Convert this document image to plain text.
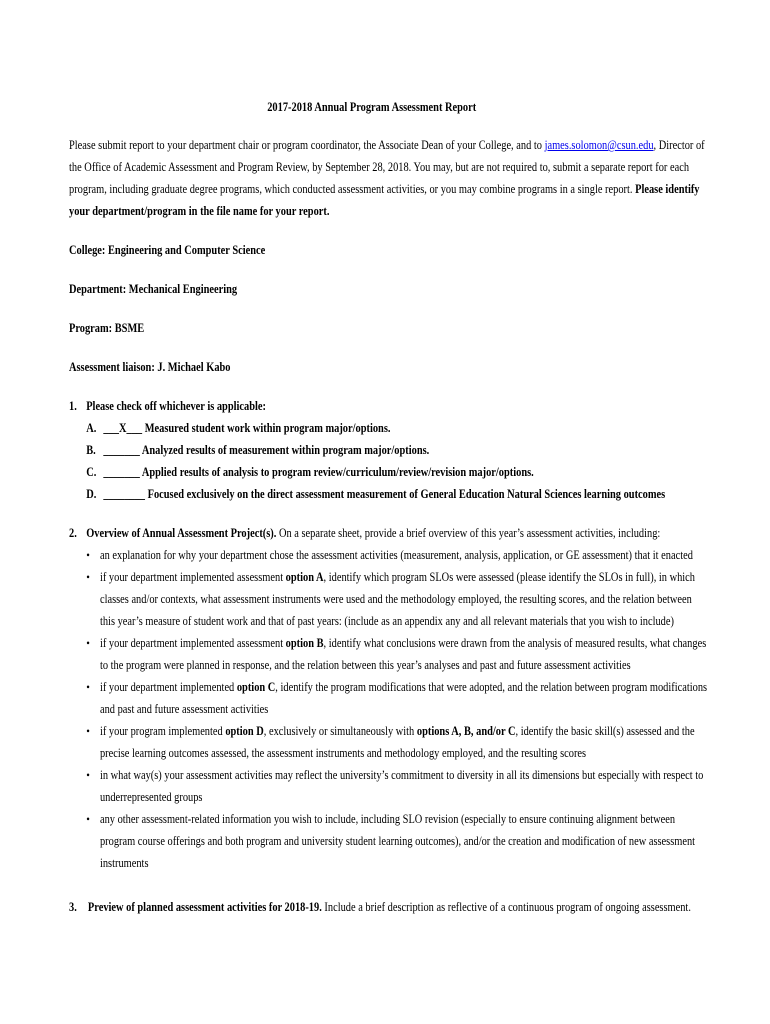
2017-2018 Annual Program Assessment Report
Please submit report to your department chair or program coordinator, the Associate Dean of your College, and to james.solomon@csun.edu, Director of the Office of Academic Assessment and Program Review, by September 28, 2018. You may, but are not required to, submit a separate report for each program, including graduate degree programs, which conducted assessment activities, or you may combine programs in a single report. Please identify your department/program in the file name for your report.
College: Engineering and Computer Science
Department: Mechanical Engineering
Program: BSME
Assessment liaison: J. Michael Kabo
1. Please check off whichever is applicable:
A. ___X___ Measured student work within program major/options.
B. _______ Analyzed results of measurement within program major/options.
C. _______ Applied results of analysis to program review/curriculum/review/revision major/options.
D. ________ Focused exclusively on the direct assessment measurement of General Education Natural Sciences learning outcomes
2. Overview of Annual Assessment Project(s). On a separate sheet, provide a brief overview of this year’s assessment activities, including:
• an explanation for why your department chose the assessment activities (measurement, analysis, application, or GE assessment) that it enacted
• if your department implemented assessment option A, identify which program SLOs were assessed (please identify the SLOs in full), in which classes and/or contexts, what assessment instruments were used and the methodology employed, the resulting scores, and the relation between this year’s measure of student work and that of past years: (include as an appendix any and all relevant materials that you wish to include)
• if your department implemented assessment option B, identify what conclusions were drawn from the analysis of measured results, what changes to the program were planned in response, and the relation between this year’s analyses and past and future assessment activities
• if your department implemented option C, identify the program modifications that were adopted, and the relation between program modifications and past and future assessment activities
• if your program implemented option D, exclusively or simultaneously with options A, B, and/or C, identify the basic skill(s) assessed and the precise learning outcomes assessed, the assessment instruments and methodology employed, and the resulting scores
• in what way(s) your assessment activities may reflect the university’s commitment to diversity in all its dimensions but especially with respect to underrepresented groups
• any other assessment-related information you wish to include, including SLO revision (especially to ensure continuing alignment between program course offerings and both program and university student learning outcomes), and/or the creation and modification of new assessment instruments
3. Preview of planned assessment activities for 2018-19. Include a brief description as reflective of a continuous program of ongoing assessment.
